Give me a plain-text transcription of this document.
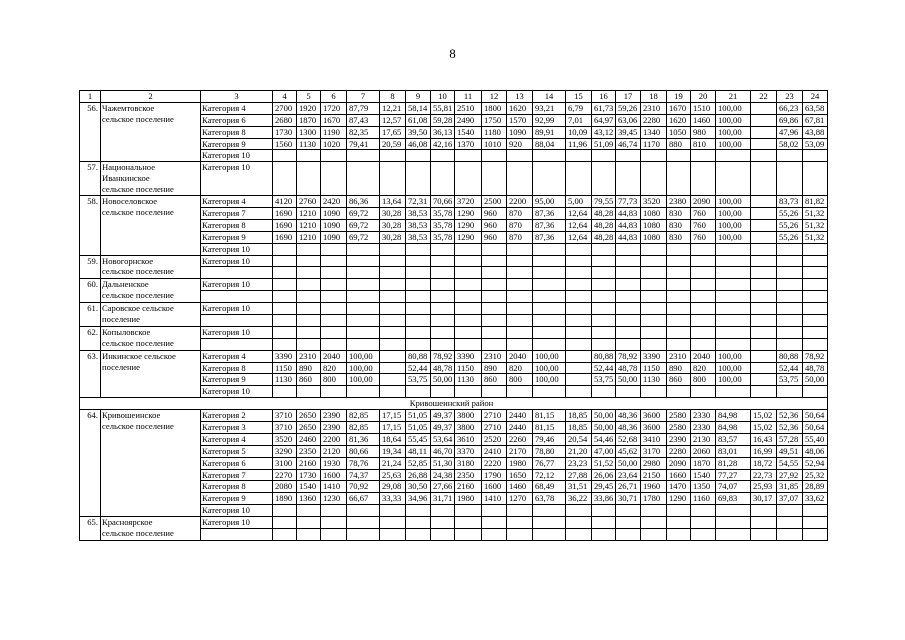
8
1	2	3	4	5	6	7	8	9	10	11	12	13	14	15	16	17	18	19	20	21	22	23	24
56.	Чажемтовское
сельское поселение	Категория 4	2700	1920	1720	87,79	12,21	58,14	55,81	2510	1800	1620	93,21	6,79	61,73	59,26	2310	1670	1510	100,00		66,23	63,58
		Категория 6	2680	1870	1670	87,43	12,57	61,08	59,28	2490	1750	1570	92,99	7,01	64,97	63,06	2280	1620	1460	100,00		69,86	67,81
		Категория 8	1730	1300	1190	82,35	17,65	39,50	36,13	1540	1180	1090	89,91	10,09	43,12	39,45	1340	1050	980	100,00		47,96	43,88
		Категория 9	1560	1130	1020	79,41	20,59	46,08	42,16	1370	1010	920	88,04	11,96	51,09	46,74	1170	880	810	100,00		58,02	53,09
		Категория 10																					
57.	Национальное
Иванкинское
сельское поселение	Категория 10																					
58.	Новоселовское
сельское поселение	Категория 4	4120	2760	2420	86,36	13,64	72,31	70,66	3720	2500	2200	95,00	5,00	79,55	77,73	3520	2380	2090	100,00		83,73	81,82
		Категория 7	1690	1210	1090	69,72	30,28	38,53	35,78	1290	960	870	87,36	12,64	48,28	44,83	1080	830	760	100,00		55,26	51,32
		Категория 8	1690	1210	1090	69,72	30,28	38,53	35,78	1290	960	870	87,36	12,64	48,28	44,83	1080	830	760	100,00		55,26	51,32
		Категория 9	1690	1210	1090	69,72	30,28	38,53	35,78	1290	960	870	87,36	12,64	48,28	44,83	1080	830	760	100,00		55,26	51,32
		Категория 10																					
59.	Новогорнское
сельское поселение	Категория 10																					

60.	Дальненское
сельское поселение	Категория 10																					

61.	Саровское сельское
поселение	Категория 10																					

62.	Копыловское
сельское поселение	Категория 10																					

63.	Инкинское сельское
поселение	Категория 4	3390	2310	2040	100,00		80,88	78,92	3390	2310	2040	100,00		80,88	78,92	3390	2310	2040	100,00		80,88	78,92
		Категория 8	1150	890	820	100,00		52,44	48,78	1150	890	820	100,00		52,44	48,78	1150	890	820	100,00		52,44	48,78
		Категория 9	1130	860	800	100,00		53,75	50,00	1130	860	800	100,00		53,75	50,00	1130	860	800	100,00		53,75	50,00
		Категория 10																					
	Кривошеинский район																						
64.	Кривошеинское
сельское поселение	Категория 2	3710	2650	2390	82,85	17,15	51,05	49,37	3800	2710	2440	81,15	18,85	50,00	48,36	3600	2580	2330	84,98	15,02	52,36	50,64
		Категория 3	3710	2650	2390	82,85	17,15	51,05	49,37	3800	2710	2440	81,15	18,85	50,00	48,36	3600	2580	2330	84,98	15,02	52,36	50,64
		Категория 4	3520	2460	2200	81,36	18,64	55,45	53,64	3610	2520	2260	79,46	20,54	54,46	52,68	3410	2390	2130	83,57	16,43	57,28	55,40
		Категория 5	3290	2350	2120	80,66	19,34	48,11	46,70	3370	2410	2170	78,80	21,20	47,00	45,62	3170	2280	2060	83,01	16,99	49,51	48,06
		Категория 6	3100	2160	1930	78,76	21,24	52,85	51,30	3180	2220	1980	76,77	23,23	51,52	50,00	2980	2090	1870	81,28	18,72	54,55	52,94
		Категория 7	2270	1730	1600	74,37	25,63	26,88	24,38	2350	1790	1650	72,12	27,88	26,06	23,64	2150	1660	1540	77,27	22,73	27,92	25,32
		Категория 8	2080	1540	1410	70,92	29,08	30,50	27,66	2160	1600	1460	68,49	31,51	29,45	26,71	1960	1470	1350	74,07	25,93	31,85	28,89
		Категория 9	1890	1360	1230	66,67	33,33	34,96	31,71	1980	1410	1270	63,78	36,22	33,86	30,71	1780	1290	1160	69,83	30,17	37,07	33,62
		Категория 10																					
65.	Красноярское
сельское поселение	Категория 10																					
